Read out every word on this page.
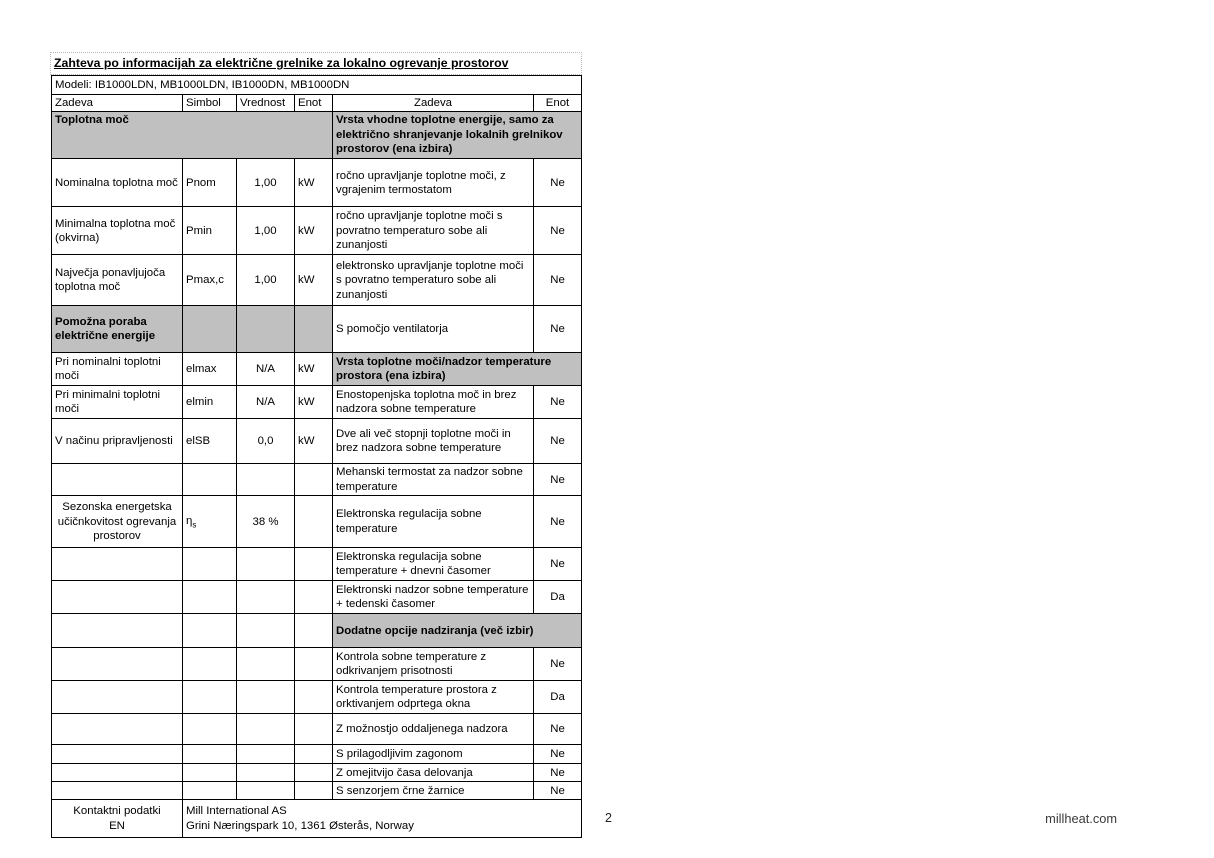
Zahteva po informacijah za električne grelnike za lokalno ogrevanje prostorov
Modeli: IB1000LDN, MB1000LDN, IB1000DN, MB1000DN					
Zadeva	Simbol	Vrednost	Enot	Zadeva	Enot
Toplotna moč				Vrsta vhodne toplotne energije, samo za električno shranjevanje lokalnih grelnikov prostorov (ena izbira)	
Nominalna toplotna moč	Pnom	1,00	kW	ročno upravljanje toplotne moči, z vgrajenim termostatom	Ne
Minimalna toplotna moč (okvirna)	Pmin	1,00	kW	ročno upravljanje toplotne moči s povratno temperaturo sobe ali zunanjosti	Ne
Največja ponavljujoča toplotna moč	Pmax,c	1,00	kW	elektronsko upravljanje toplotne moči s povratno temperaturo sobe ali zunanjosti	Ne
Pomožna poraba električne energije				S pomočjo ventilatorja	Ne
Pri nominalni toplotni moči	elmax	N/A	kW	Vrsta toplotne moči/nadzor temperature prostora (ena izbira)	
Pri minimalni toplotni moči	elmin	N/A	kW	Enostopenjska toplotna moč in brez nadzora sobne temperature	Ne
V načinu pripravljenosti	elSB	0,0	kW	Dve ali več stopnji toplotne moči in brez nadzora sobne temperature	Ne
				Mehanski termostat za nadzor sobne temperature	Ne
Sezonska energetska učičnkovitost ogrevanja prostorov	$\eta_s$	38 %		Elektronska regulacija sobne temperature	Ne
				Elektronska regulacija sobne temperature + dnevni časomer	Ne
				Elektronski nadzor sobne temperature + tedenski časomer	Da
				Dodatne opcije nadziranja (več izbir)	
				Kontrola sobne temperature z odkrivanjem prisotnosti	Ne
				Kontrola temperature prostora z orktivanjem odprtega okna	Da
				Z možnostjo oddaljenega nadzora	Ne
				S prilagodljivim zagonom	Ne
				Z omejitvijo časa delovanja	Ne
				S senzorjem črne žarnice	Ne

Kontaktni podatki
EN

Mill International AS
Grini Næringspark 10, 1361 Østerås, Norway
2	millheat.com
